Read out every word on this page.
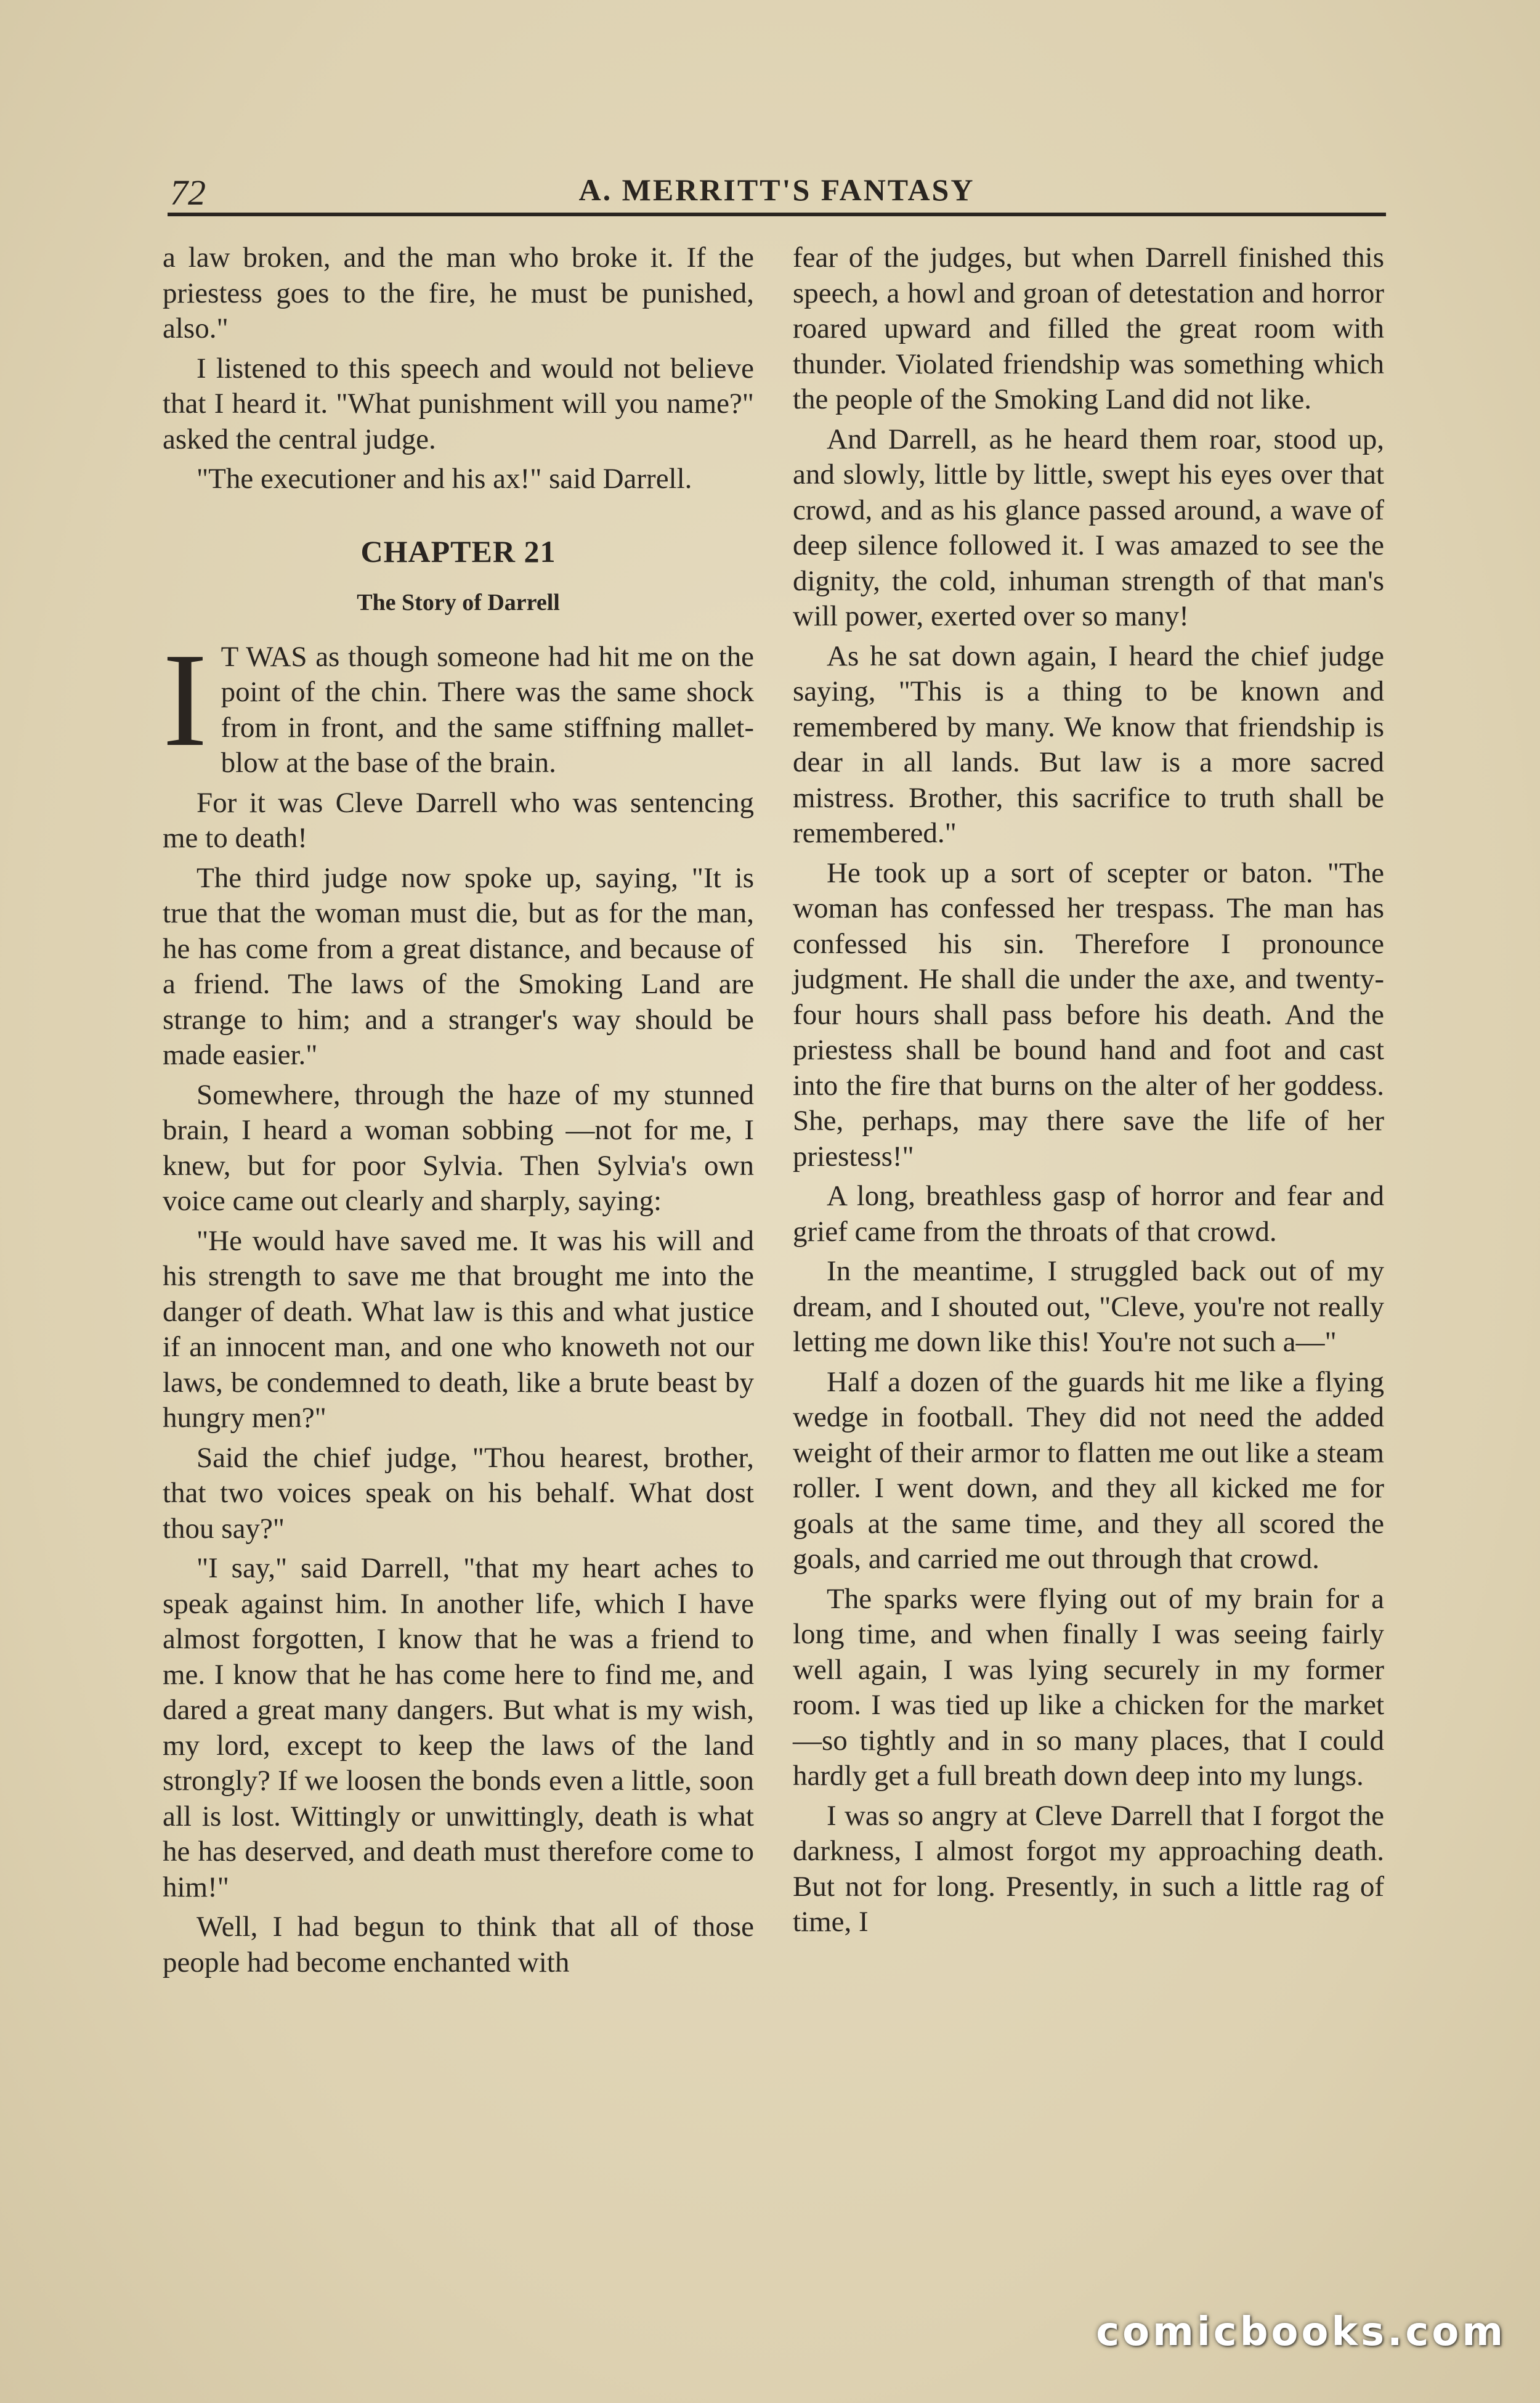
72	A. MERRITT'S FANTASY

a law broken, and the man who broke it. If the priestess goes to the fire, he must be punished, also."

I listened to this speech and would not believe that I heard it. "What punishment will you name?" asked the central judge.

"The executioner and his ax!" said Darrell.

CHAPTER 21
The Story of Darrell

I T WAS as though someone had hit me on the point of the chin. There was the same shock from in front, and the same stiffning mallet-blow at the base of the brain.

For it was Cleve Darrell who was sentencing me to death!

The third judge now spoke up, saying, "It is true that the woman must die, but as for the man, he has come from a great distance, and because of a friend. The laws of the Smoking Land are strange to him; and a stranger's way should be made easier."

Somewhere, through the haze of my stunned brain, I heard a woman sobbing —not for me, I knew, but for poor Sylvia. Then Sylvia's own voice came out clearly and sharply, saying:

"He would have saved me. It was his will and his strength to save me that brought me into the danger of death. What law is this and what justice if an innocent man, and one who knoweth not our laws, be condemned to death, like a brute beast by hungry men?"

Said the chief judge, "Thou hearest, brother, that two voices speak on his behalf. What dost thou say?"

"I say," said Darrell, "that my heart aches to speak against him. In another life, which I have almost forgotten, I know that he was a friend to me. I know that he has come here to find me, and dared a great many dangers. But what is my wish, my lord, except to keep the laws of the land strongly? If we loosen the bonds even a little, soon all is lost. Wittingly or unwittingly, death is what he has deserved, and death must therefore come to him!"

Well, I had begun to think that all of those people had become enchanted with

fear of the judges, but when Darrell finished this speech, a howl and groan of detestation and horror roared upward and filled the great room with thunder. Violated friendship was something which the people of the Smoking Land did not like.

And Darrell, as he heard them roar, stood up, and slowly, little by little, swept his eyes over that crowd, and as his glance passed around, a wave of deep silence followed it. I was amazed to see the dignity, the cold, inhuman strength of that man's will power, exerted over so many!

As he sat down again, I heard the chief judge saying, "This is a thing to be known and remembered by many. We know that friendship is dear in all lands. But law is a more sacred mistress. Brother, this sacrifice to truth shall be remembered."

He took up a sort of scepter or baton. "The woman has confessed her trespass. The man has confessed his sin. Therefore I pronounce judgment. He shall die under the axe, and twenty-four hours shall pass before his death. And the priestess shall be bound hand and foot and cast into the fire that burns on the alter of her goddess. She, perhaps, may there save the life of her priestess!"

A long, breathless gasp of horror and fear and grief came from the throats of that crowd.

In the meantime, I struggled back out of my dream, and I shouted out, "Cleve, you're not really letting me down like this! You're not such a—"

Half a dozen of the guards hit me like a flying wedge in football. They did not need the added weight of their armor to flatten me out like a steam roller. I went down, and they all kicked me for goals at the same time, and they all scored the goals, and carried me out through that crowd.

The sparks were flying out of my brain for a long time, and when finally I was seeing fairly well again, I was lying securely in my former room. I was tied up like a chicken for the market—so tightly and in so many places, that I could hardly get a full breath down deep into my lungs.

I was so angry at Cleve Darrell that I forgot the darkness, I almost forgot my approaching death. But not for long. Presently, in such a little rag of time, I

comicbooks.com
